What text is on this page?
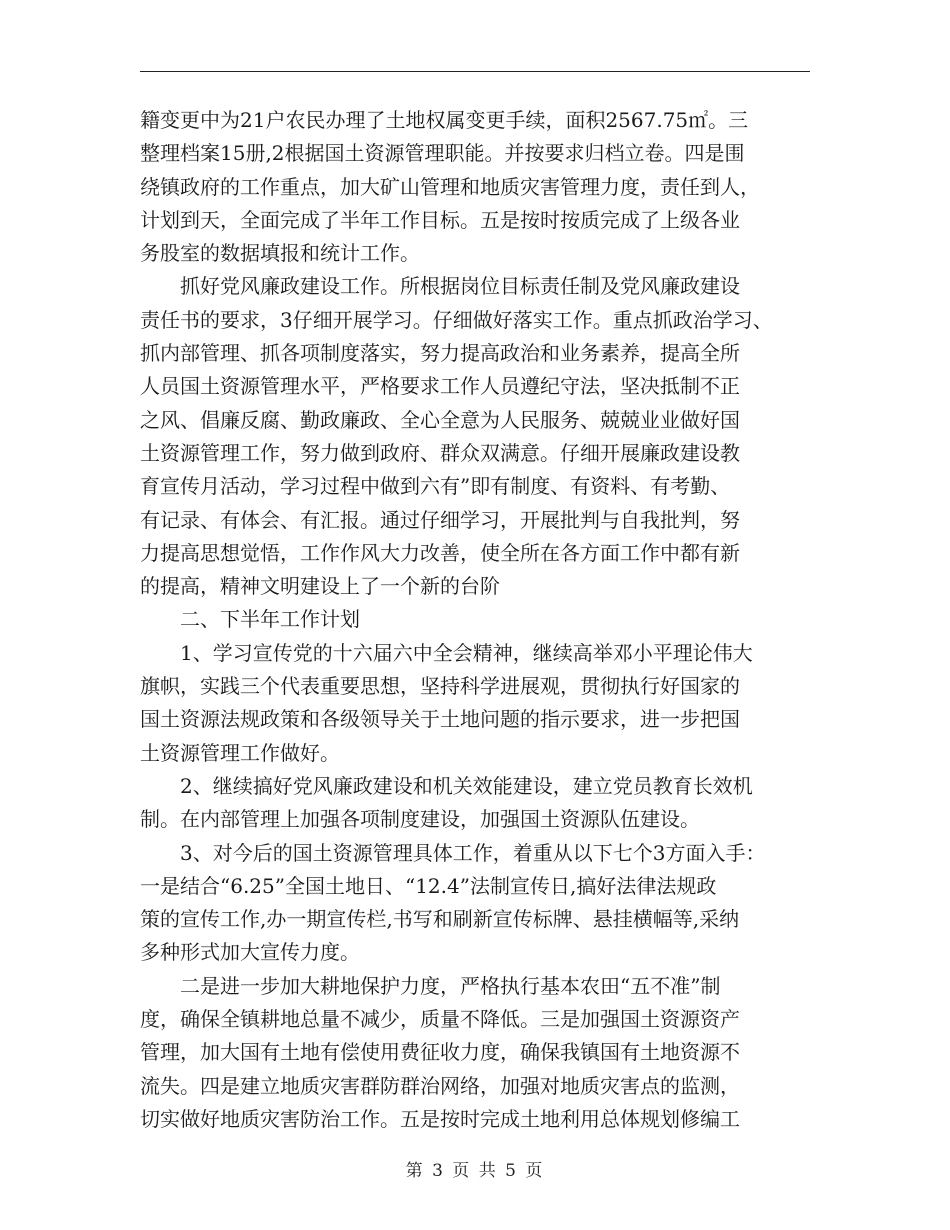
籍变更中为21户农民办理了土地权属变更手续，面积2567.75㎡。三
整理档案15册,2根据国土资源管理职能。并按要求归档立卷。四是围
绕镇政府的工作重点，加大矿山管理和地质灾害管理力度，责任到人，
计划到天，全面完成了半年工作目标。五是按时按质完成了上级各业
务股室的数据填报和统计工作。
抓好党风廉政建设工作。所根据岗位目标责任制及党风廉政建设
责任书的要求，3仔细开展学习。仔细做好落实工作。重点抓政治学习、
抓内部管理、抓各项制度落实，努力提高政治和业务素养，提高全所
人员国土资源管理水平，严格要求工作人员遵纪守法，坚决抵制不正
之风、倡廉反腐、勤政廉政、全心全意为人民服务、兢兢业业做好国
土资源管理工作，努力做到政府、群众双满意。仔细开展廉政建设教
育宣传月活动，学习过程中做到六有”即有制度、有资料、有考勤、
有记录、有体会、有汇报。通过仔细学习，开展批判与自我批判，努
力提高思想觉悟，工作作风大力改善，使全所在各方面工作中都有新
的提高，精神文明建设上了一个新的台阶
二、下半年工作计划
1、学习宣传党的十六届六中全会精神，继续高举邓小平理论伟大
旗帜，实践三个代表重要思想，坚持科学进展观，贯彻执行好国家的
国土资源法规政策和各级领导关于土地问题的指示要求，进一步把国
土资源管理工作做好。
2、继续搞好党风廉政建设和机关效能建设，建立党员教育长效机
制。在内部管理上加强各项制度建设，加强国土资源队伍建设。
3、对今后的国土资源管理具体工作，着重从以下七个3方面入手：
一是结合“6.25”全国土地日、“12.4”法制宣传日,搞好法律法规政
策的宣传工作,办一期宣传栏,书写和刷新宣传标牌、悬挂横幅等,采纳
多种形式加大宣传力度。
二是进一步加大耕地保护力度，严格执行基本农田“五不准”制
度，确保全镇耕地总量不减少，质量不降低。三是加强国土资源资产
管理，加大国有土地有偿使用费征收力度，确保我镇国有土地资源不
流失。四是建立地质灾害群防群治网络，加强对地质灾害点的监测，
切实做好地质灾害防治工作。五是按时完成土地利用总体规划修编工
第 3 页 共 5 页
